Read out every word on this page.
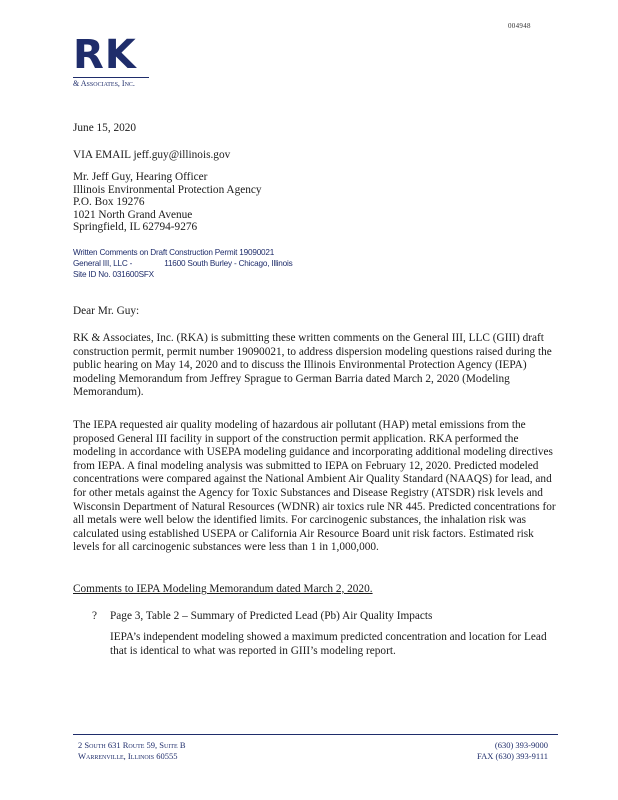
004948
RK
& Associates, Inc.
June 15, 2020
VIA EMAIL jeff.guy@illinois.gov
Mr. Jeff Guy, Hearing Officer
Illinois Environmental Protection Agency
P.O. Box 19276
1021 North Grand Avenue
Springfield, IL 62794-9276
Written Comments on Draft Construction Permit 19090021
General III, LLC -	11600 South Burley - Chicago, Illinois
Site ID No. 031600SFX
Dear Mr. Guy:
RK & Associates, Inc. (RKA) is submitting these written comments on the General III, LLC (GIII) draft construction permit, permit number 19090021, to address dispersion modeling questions raised during the public hearing on May 14, 2020 and to discuss the Illinois Environmental Protection Agency (IEPA) modeling Memorandum from Jeffrey Sprague to German Barria dated March 2, 2020 (Modeling Memorandum).
The IEPA requested air quality modeling of hazardous air pollutant (HAP) metal emissions from the proposed General III facility in support of the construction permit application. RKA performed the modeling in accordance with USEPA modeling guidance and incorporating additional modeling directives from IEPA. A final modeling analysis was submitted to IEPA on February 12, 2020. Predicted modeled concentrations were compared against the National Ambient Air Quality Standard (NAAQS) for lead, and for other metals against the Agency for Toxic Substances and Disease Registry (ATSDR) risk levels and Wisconsin Department of Natural Resources (WDNR) air toxics rule NR 445. Predicted concentrations for all metals were well below the identified limits. For carcinogenic substances, the inhalation risk was calculated using established USEPA or California Air Resource Board unit risk factors. Estimated risk levels for all carcinogenic substances were less than 1 in 1,000,000.
Comments to IEPA Modeling Memorandum dated March 2, 2020.
? Page 3, Table 2 – Summary of Predicted Lead (Pb) Air Quality Impacts
IEPA’s independent modeling showed a maximum predicted concentration and location for Lead that is identical to what was reported in GIII’s modeling report.
2 South 631 Route 59, Suite B
Warrenville, Illinois 60555
(630) 393-9000
FAX (630) 393-9111
